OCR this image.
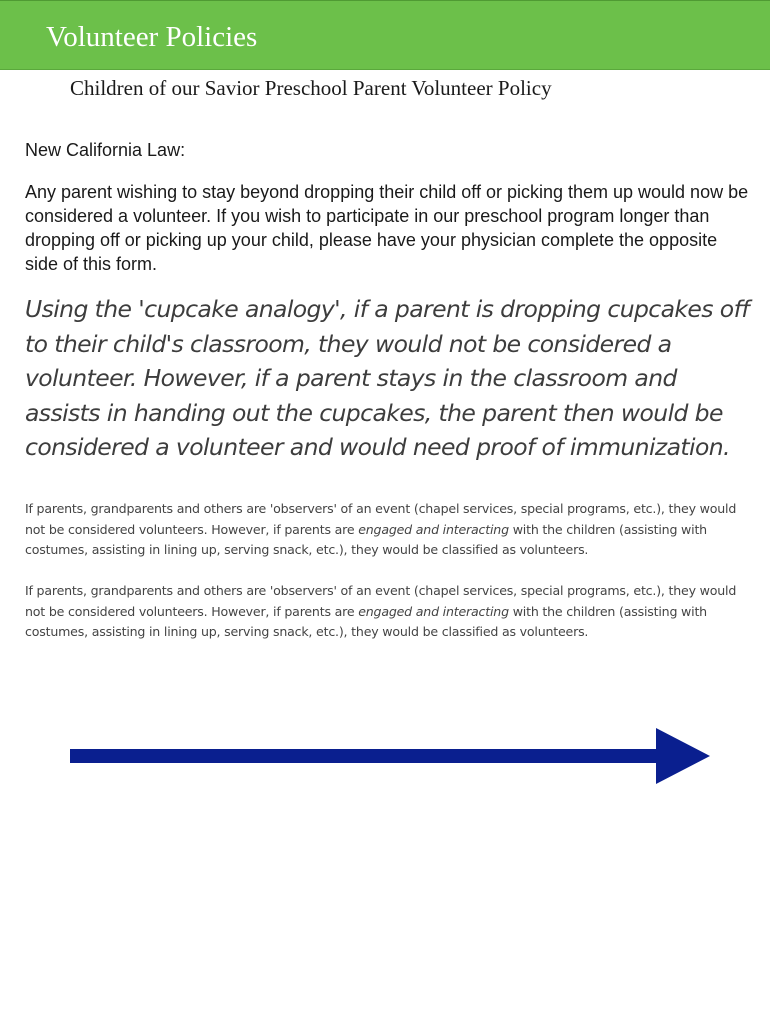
Volunteer Policies
Children of our Savior Preschool Parent Volunteer Policy
New California Law:
Any parent wishing to stay beyond dropping their child off or picking them up would now be considered a volunteer. If you wish to participate in our preschool program longer than dropping off or picking up your child, please have your physician complete the opposite side of this form.
Using the 'cupcake analogy', if a parent is dropping cupcakes off to their child's classroom, they would not be considered a volunteer. However, if a parent stays in the classroom and assists in handing out the cupcakes, the parent then would be considered a volunteer and would need proof of immunization.
If parents, grandparents and others are 'observers' of an event (chapel services, special programs, etc.), they would not be considered volunteers. However, if parents are engaged and interacting with the children (assisting with costumes, assisting in lining up, serving snack, etc.), they would be classified as volunteers.
If parents, grandparents and others are 'observers' of an event (chapel services, special programs, etc.), they would not be considered volunteers. However, if parents are engaged and interacting with the children (assisting with costumes, assisting in lining up, serving snack, etc.), they would be classified as volunteers.
